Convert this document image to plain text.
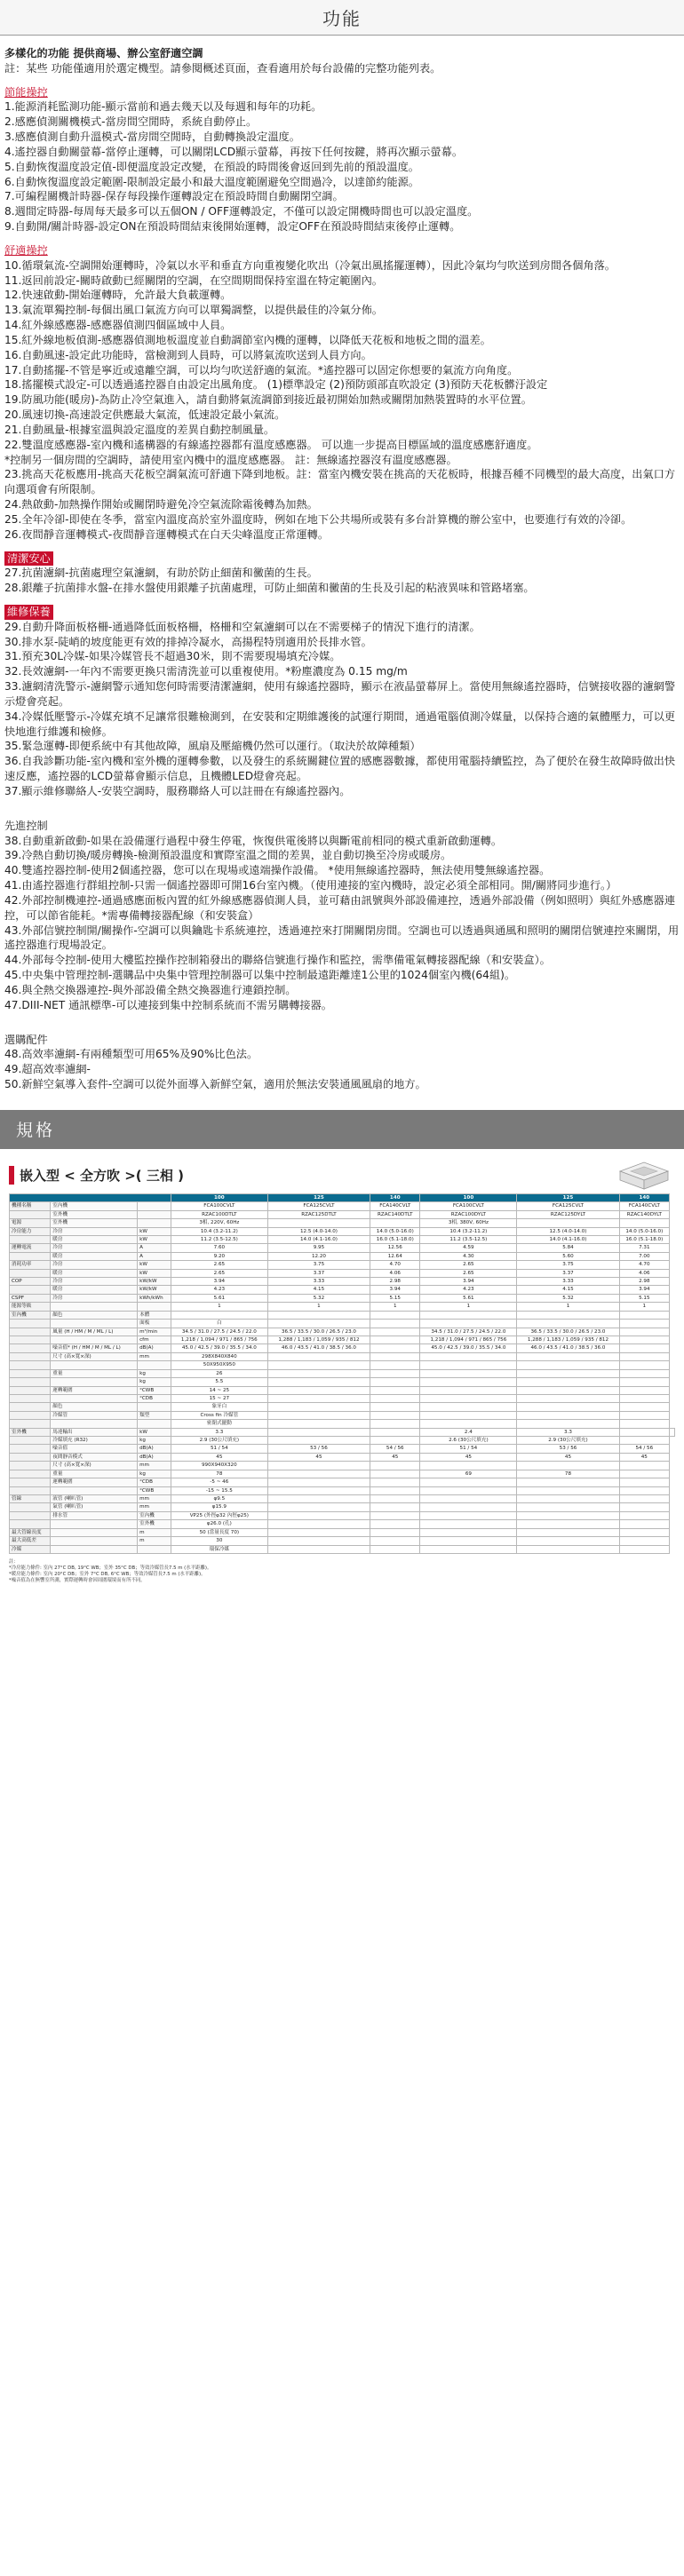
功能

多樣化的功能 提供商場、辦公室舒適空調

註：某些 功能僅適用於選定機型。請參閱概述頁面，查看適用於每台設備的完整功能列表。

節能操控

1.能源消耗監測功能-顯示當前和過去幾天以及每週和每年的功耗。

2.感應偵測關機模式-當房間空閒時，系統自動停止。

3.感應偵測自動升溫模式-當房間空閒時，自動轉換設定溫度。

4.遙控器自動關螢幕-當停止運轉，可以關閉LCD顯示螢幕，再按下任何按鍵，將再次顯示螢幕。

5.自動恢復溫度設定值-即便溫度設定改變，在預設的時間後會返回到先前的預設溫度。

6.自動恢復溫度設定範圍-限制設定最小和最大溫度範圍避免空間過冷，以達節約能源。

7.可編程關機計時器-保存每段操作運轉設定在預設時間自動關閉空調。

8.週間定時器-每周每天最多可以五個ON / OFF運轉設定，不僅可以設定開機時間也可以設定溫度。

9.自動開/關計時器-設定ON在預設時間結束後開始運轉，設定OFF在預設時間結束後停止運轉。

舒適操控

10.循環氣流-空調開始運轉時，冷氣以水平和垂直方向重複變化吹出（冷氣出風搖擺運轉），因此冷氣均勻吹送到房間各個角落。

11.返回前設定-關時啟動已經關閉的空調，在空間期間保持室溫在特定範圍內。

12.快速啟動-開始運轉時，允許最大負載運轉。

13.氣流單獨控制-每個出風口氣流方向可以單獨調整，以提供最佳的冷氣分佈。

14.紅外線感應器-感應器偵測四個區域中人員。

15.紅外線地板偵測-感應器偵測地板溫度並自動調節室內機的運轉，以降低天花板和地板之間的溫差。

16.自動風速-設定此功能時，當檢測到人員時，可以將氣流吹送到人員方向。

17.自動搖擺-不管是寧近或遠離空調，可以均勻吹送舒適的氣流。*遙控器可以固定你想要的氣流方向角度。

18.搖擺模式設定-可以透過遙控器自由設定出風角度。 (1)標準設定 (2)預防頭部直吹設定 (3)預防天花板髒汙設定

19.防風功能(暖房)-為防止冷空氣進入，請自動將氣流調節到接近最初開始加熱或關閉加熱裝置時的水平位置。

20.風速切換-高速設定供應最大氣流，低速設定最小氣流。

21.自動風量-根據室溫與設定溫度的差異自動控制風量。

22.雙溫度感應器-室內機和遙構器的有線遙控器都有溫度感應器。 可以進一步提高目標區域的溫度感應舒適度。

*控制另一個房間的空調時，請使用室內機中的溫度感應器。 註：無線遙控器沒有溫度感應器。

23.挑高天花板應用-挑高天花板空調氣流可舒適下降到地板。註：當室內機安裝在挑高的天花板時，根據吾種不同機型的最大高度，出氣口方向選項會有所限制。

24.熱啟動-加熱操作開始或關閉時避免冷空氣流除霜後轉為加熱。

25.全年冷卻-即使在冬季，當室內溫度高於室外溫度時，例如在地下公共場所或裝有多台計算機的辦公室中，也要進行有效的冷卻。

26.夜間靜音運轉模式-夜間靜音運轉模式在白天尖峰溫度正常運轉。

清潔安心

27.抗菌濾網-抗菌處理空氣濾網，有助於防止細菌和黴菌的生長。

28.銀離子抗菌排水盤-在排水盤使用銀離子抗菌處理，可防止細菌和黴菌的生長及引起的粘液異味和管路堵塞。

維修保養

29.自動升降面板格柵-通過降低面板格柵，格柵和空氣濾網可以在不需要梯子的情況下進行的清潔。

30.排水泵-陡峭的坡度能更有效的排掉冷凝水，高揚程特別適用於長排水管。

31.預充30L冷媒-如果冷媒管長不超過30米，則不需要現場填充冷媒。

32.長效濾網-一年內不需要更換只需清洗並可以重複使用。*粉塵濃度為 0.15 mg/m

33.濾網清洗警示-濾網警示通知您何時需要清潔濾網，使用有線遙控器時，顯示在液晶螢幕屏上。當使用無線遙控器時，信號接收器的濾網警示燈會亮起。

34.冷媒低壓警示-冷媒充填不足讓常很難檢測到，在安裝和定期維護後的試運行期間，通過電腦偵測冷媒量，以保持合適的氣體壓力，可以更快地進行維護和檢修。

35.緊急運轉-即便系統中有其他故障，風扇及壓縮機仍然可以運行。（取決於故障種類）

36.自我診斷功能-室內機和室外機的運轉參數，以及發生的系統關鍵位置的感應器數據，都使用電腦持續監控，為了便於在發生故障時做出快速反應，遙控器的LCD螢幕會顯示信息，且機體LED燈會亮起。

37.顯示維修聯絡人-安裝空調時，服務聯絡人可以註冊在有線遙控器內。

先進控制

38.自動重新啟動-如果在設備運行過程中發生停電，恢復供電後將以與斷電前相同的模式重新啟動運轉。

39.冷熱自動切換/暖房轉換-檢測預設溫度和實際室溫之間的差異，並自動切換至冷房或暖房。

40.雙遙控器控制-使用2個遙控器，您可以在現場或遠端操作設備。 *使用無線遙控器時，無法使用雙無線遙控器。

41.由遙控器進行群組控制-只需一個遙控器即可開16台室內機。（使用連接的室內機時，設定必須全部相同。開/關將同步進行。）

42.外部控制機連控-通過感應面板內置的紅外線感應器偵測人員，並可藉由訊號與外部設備連控，透過外部設備（例如照明）與紅外感應器連控，可以節省能耗。*需專備轉接器配線（和安裝盒）

43.外部信號控制開/關操作-空調可以與鑰匙卡系統連控，透過連控來打開關閉房間。空調也可以透過與通風和照明的關閉信號連控來關閉，用遙控器進行現場設定。

44.外部每令控制-使用大樓監控操作控制箱發出的聯絡信號進行操作和監控，需準備電氣轉接器配線（和安裝盒）。

45.中央集中管理控制-選購品中央集中管理控制器可以集中控制最遠距離達1公里的1024個室內機(64組)。

46.與全熱交換器連控-與外部設備全熱交換器進行連鎖控制。

47.DIII-NET 通訊標準-可以連接到集中控制系統而不需另購轉接器。

選購配件

48.高效率濾網-有兩種類型可用65%及90%比色法。

49.超高效率濾網-

50.新鮮空氣導入套件-空調可以從外面導入新鮮空氣，適用於無法安裝通風風扇的地方。

規格
嵌入型 < 全方吹 >( 三相 )
			100	125	140	100	125	140	
機種名稱	室內機		FCA100CVLT	FCA125CVLT	FCA140CVLT	FCA100CVLT	FCA125CVLT	FCA140CVLT	
	室外機		RZAC100DTLT	RZAC125DTLT	RZAC140DTLT	RZAC100DYLT	RZAC125DYLT	RZAC140DYLT	
電源	室外機		3相, 220V, 60Hz			3相, 380V, 60Hz			
冷房能力	冷房	kW	10.4 (3.2-11.2)	12.5 (4.0-14.0)	14.0 (5.0-16.0)	10.4 (3.2-11.2)	12.5 (4.0-14.0)	14.0 (5.0-16.0)	
	暖房	kW	11.2 (3.5-12.5)	14.0 (4.1-16.0)	16.0 (5.1-18.0)	11.2 (3.5-12.5)	14.0 (4.1-16.0)	16.0 (5.1-18.0)	
運轉電流	冷房	A	7.60	9.95	12.56	4.59	5.84	7.31	
	暖房	A	9.20	12.20	12.64	4.30	5.60	7.00	
消耗功率	冷房	kW	2.65	3.75	4.70	2.65	3.75	4.70	
	暖房	kW	2.65	3.37	4.06	2.65	3.37	4.06	
COP	冷房	kW/kW	3.94	3.33	2.98	3.94	3.33	2.98	
	暖房	kW/kW	4.23	4.15	3.94	4.23	4.15	3.94	
CSPF	冷房	kWh/kWh	5.61	5.32	5.15	5.61	5.32	5.15	
能源等級			1	1	1	1	1	1	
室內機	顏色	本體							
		面板	白						
	風量 (H / HM / M / ML / L)	m³/min	34.5 / 31.0 / 27.5 / 24.5 / 22.0	36.5 / 33.5 / 30.0 / 26.5 / 23.0		34.5 / 31.0 / 27.5 / 24.5 / 22.0	36.5 / 33.5 / 30.0 / 26.5 / 23.0		
		cfm	1,218 / 1,094 / 971 / 865 / 756	1,288 / 1,183 / 1,059 / 935 / 812		1,218 / 1,094 / 971 / 865 / 756	1,288 / 1,183 / 1,059 / 935 / 812		
	噪音值* (H / HM / M / ML / L)	dB(A)	45.0 / 42.5 / 39.0 / 35.5 / 34.0	46.0 / 43.5 / 41.0 / 38.5 / 36.0		45.0 / 42.5 / 39.0 / 35.5 / 34.0	46.0 / 43.5 / 41.0 / 38.5 / 36.0		
	尺寸 (高×寬×深)	mm	298X840X840						
			50X950X950						
	重量	kg	26						
		kg	5.5						
	運轉範圍	°CWB	14 ~ 25						
		°CDB	15 ~ 27						
	顏色		象牙白						
	冷媒管	類型	Cross fin 冷媒管						
			密閉式擺動						
室外機	馬達輸出	kW	3.3			2.4	3.3		
	冷媒填充 (R32)	kg	2.9 (30公尺填充)			2.6 (30公尺填充)	2.9 (30公尺填充)		
	噪音值	dB(A)	51 / 54	53 / 56	54 / 56	51 / 54	53 / 56	54 / 56	
	夜間靜音模式	dB(A)	45	45	45	45	45	45	
	尺寸 (高×寬×深)	mm	990X940X320						
	重量	kg	78			69	78		
	運轉範圍	°CDB	-5 ~ 46						
		°CWB	-15 ~ 15.5						
管線	液管 (喇叭管)	mm	φ9.5						
	氣管 (喇叭管)	mm	φ15.9						
	排水管	室內機	VP25 (外徑φ32 內徑φ25)						
		室外機	φ26.0 (孔)						
最大管線長度		m	50 (當量長度 70)						
最大高低差		m	30						
冷媒			環保冷媒						
註：
*冷房能力條件: 室內 27°C DB, 19°C WB；室外 35°C DB；等效冷媒管長7.5 m (水平距離)。
*暖房能力條件: 室內 20°C DB；室外 7°C DB, 6°C WB；等效冷媒管長7.5 m (水平距離)。
*噪音值為在無響室所測，實際運轉時會因周圍環境而有所不同。
